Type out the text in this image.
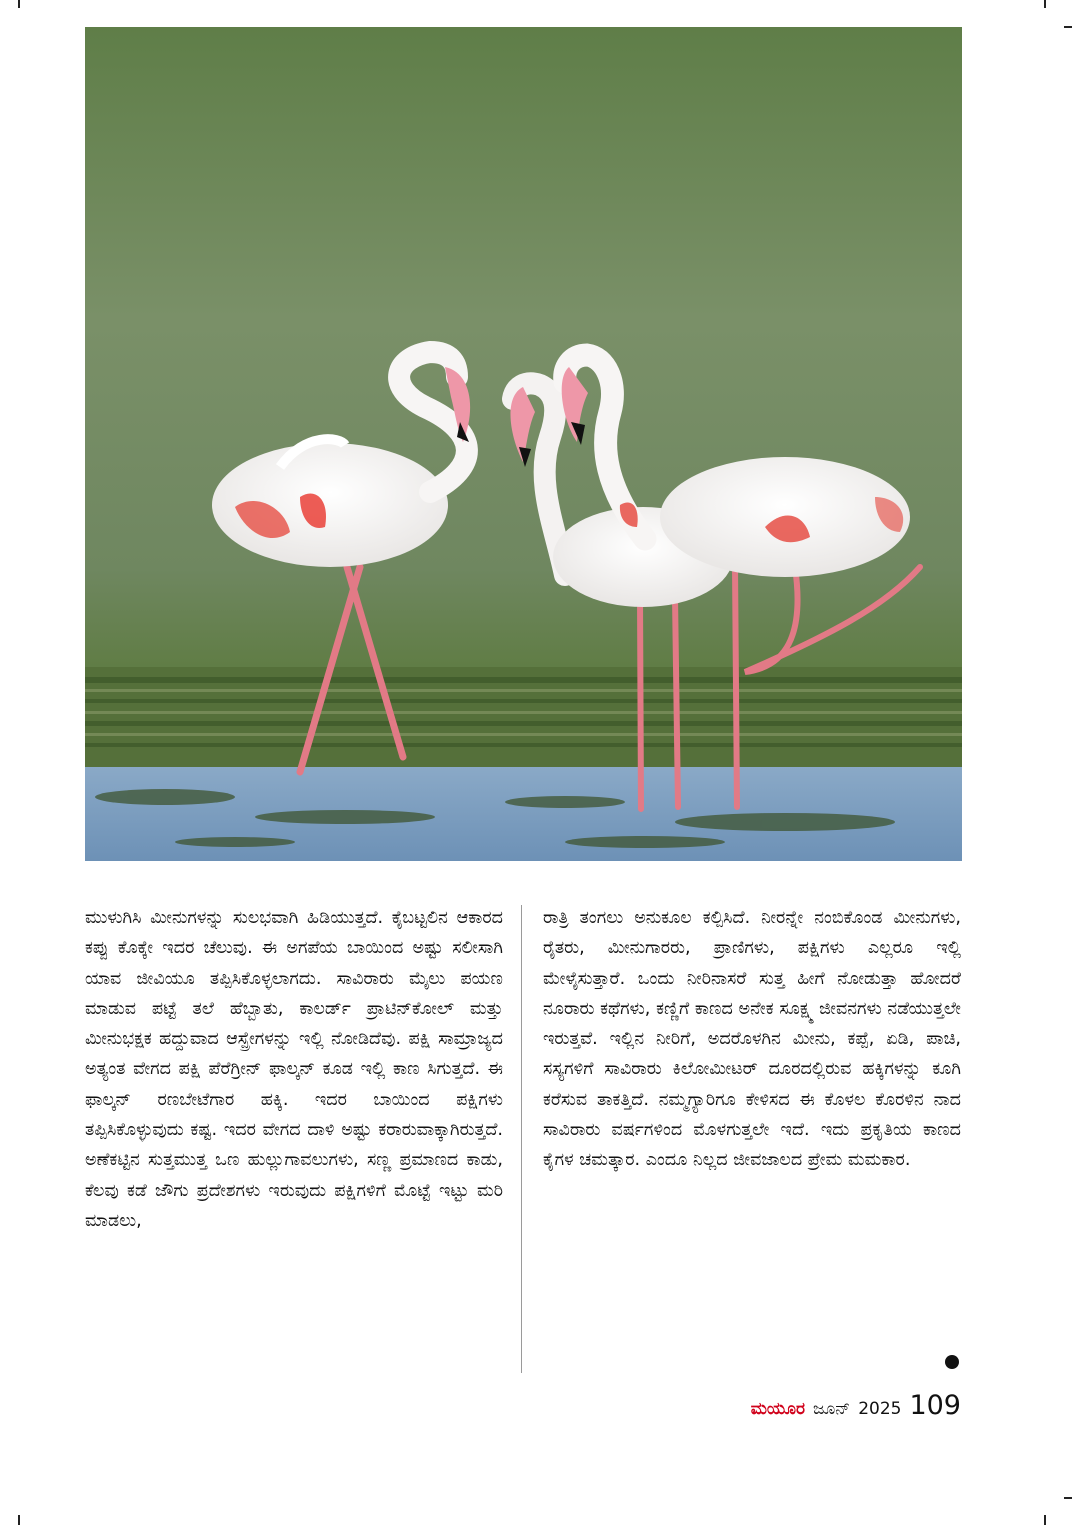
ಮುಳುಗಿಸಿ ಮೀನುಗಳನ್ನು ಸುಲಭವಾಗಿ ಹಿಡಿಯುತ್ತದೆ. ಕೈಬಟ್ಟಲಿನ ಆಕಾರದ ಕಪ್ಪು ಕೊಕ್ಕೇ ಇದರ ಚೆಲುವು. ಈ ಅಗಪೆಯ ಬಾಯಿಂದ ಅಷ್ಟು ಸಲೀಸಾಗಿ ಯಾವ ಜೀವಿಯೂ ತಪ್ಪಿಸಿಕೊಳ್ಳಲಾಗದು. ಸಾವಿರಾರು ಮೈಲು ಪಯಣ ಮಾಡುವ ಪಟ್ಟೆ ತಲೆ ಹೆಬ್ಬಾತು, ಕಾಲರ್ಡ್ ಪ್ರಾಟಿನ್‌ಕೋಲ್ ಮತ್ತು ಮೀನುಭಕ್ಷಕ ಹದ್ದುವಾದ ಆಸ್ಪ್ರೇಗಳನ್ನು ಇಲ್ಲಿ ನೋಡಿದೆವು. ಪಕ್ಷಿ ಸಾಮ್ರಾಜ್ಯದ ಅತ್ಯಂತ ವೇಗದ ಪಕ್ಷಿ ಪೆರೆಗ್ರೀನ್ ಫಾಲ್ಕನ್ ಕೂಡ ಇಲ್ಲಿ ಕಾಣ ಸಿಗುತ್ತದೆ. ಈ ಫಾಲ್ಕನ್ ರಣಬೇಟೆಗಾರ ಹಕ್ಕಿ. ಇದರ ಬಾಯಿಂದ ಪಕ್ಷಿಗಳು ತಪ್ಪಿಸಿಕೊಳ್ಳುವುದು ಕಷ್ಟ. ಇದರ ವೇಗದ ದಾಳಿ ಅಷ್ಟು ಕರಾರುವಾಕ್ಕಾಗಿರುತ್ತದೆ. ಅಣೆಕಟ್ಟಿನ ಸುತ್ತಮುತ್ತ ಒಣ ಹುಲ್ಲುಗಾವಲುಗಳು, ಸಣ್ಣ ಪ್ರಮಾಣದ ಕಾಡು, ಕೆಲವು ಕಡೆ ಜೌಗು ಪ್ರದೇಶಗಳು ಇರುವುದು ಪಕ್ಷಿಗಳಿಗೆ ಮೊಟ್ಟೆ ಇಟ್ಟು ಮರಿ ಮಾಡಲು,

ರಾತ್ರಿ ತಂಗಲು ಅನುಕೂಲ ಕಲ್ಪಿಸಿದೆ. ನೀರನ್ನೇ ನಂಬಿಕೊಂಡ ಮೀನುಗಳು, ರೈತರು, ಮೀನುಗಾರರು, ಪ್ರಾಣಿಗಳು, ಪಕ್ಷಿಗಳು ಎಲ್ಲರೂ ಇಲ್ಲಿ ಮೇಳೈಸುತ್ತಾರೆ. ಒಂದು ನೀರಿನಾಸರೆ ಸುತ್ತ ಹೀಗೆ ನೋಡುತ್ತಾ ಹೋದರೆ ನೂರಾರು ಕಥೆಗಳು, ಕಣ್ಣಿಗೆ ಕಾಣದ ಅನೇಕ ಸೂಕ್ಷ್ಮ ಜೀವನಗಳು ನಡೆಯುತ್ತಲೇ ಇರುತ್ತವೆ. ಇಲ್ಲಿನ ನೀರಿಗೆ, ಅದರೊಳಗಿನ ಮೀನು, ಕಪ್ಪೆ, ಏಡಿ, ಪಾಚಿ, ಸಸ್ಯಗಳಿಗೆ ಸಾವಿರಾರು ಕಿಲೋಮೀಟರ್ ದೂರದಲ್ಲಿರುವ ಹಕ್ಕಿಗಳನ್ನು ಕೂಗಿ ಕರೆಸುವ ತಾಕತ್ತಿದೆ. ನಮ್ಮಗ್ಯಾರಿಗೂ ಕೇಳಿಸದ ಈ ಕೊಳಲ ಕೊರಳಿನ ನಾದ ಸಾವಿರಾರು ವರ್ಷಗಳಿಂದ ಮೊಳಗುತ್ತಲೇ ಇದೆ. ಇದು ಪ್ರಕೃತಿಯ ಕಾಣದ ಕೈಗಳ ಚಮತ್ಕಾರ. ಎಂದೂ ನಿಲ್ಲದ ಜೀವಜಾಲದ ಪ್ರೇಮ ಮಮಕಾರ.

ಮಯೂರ ಜೂನ್ 2025 109
